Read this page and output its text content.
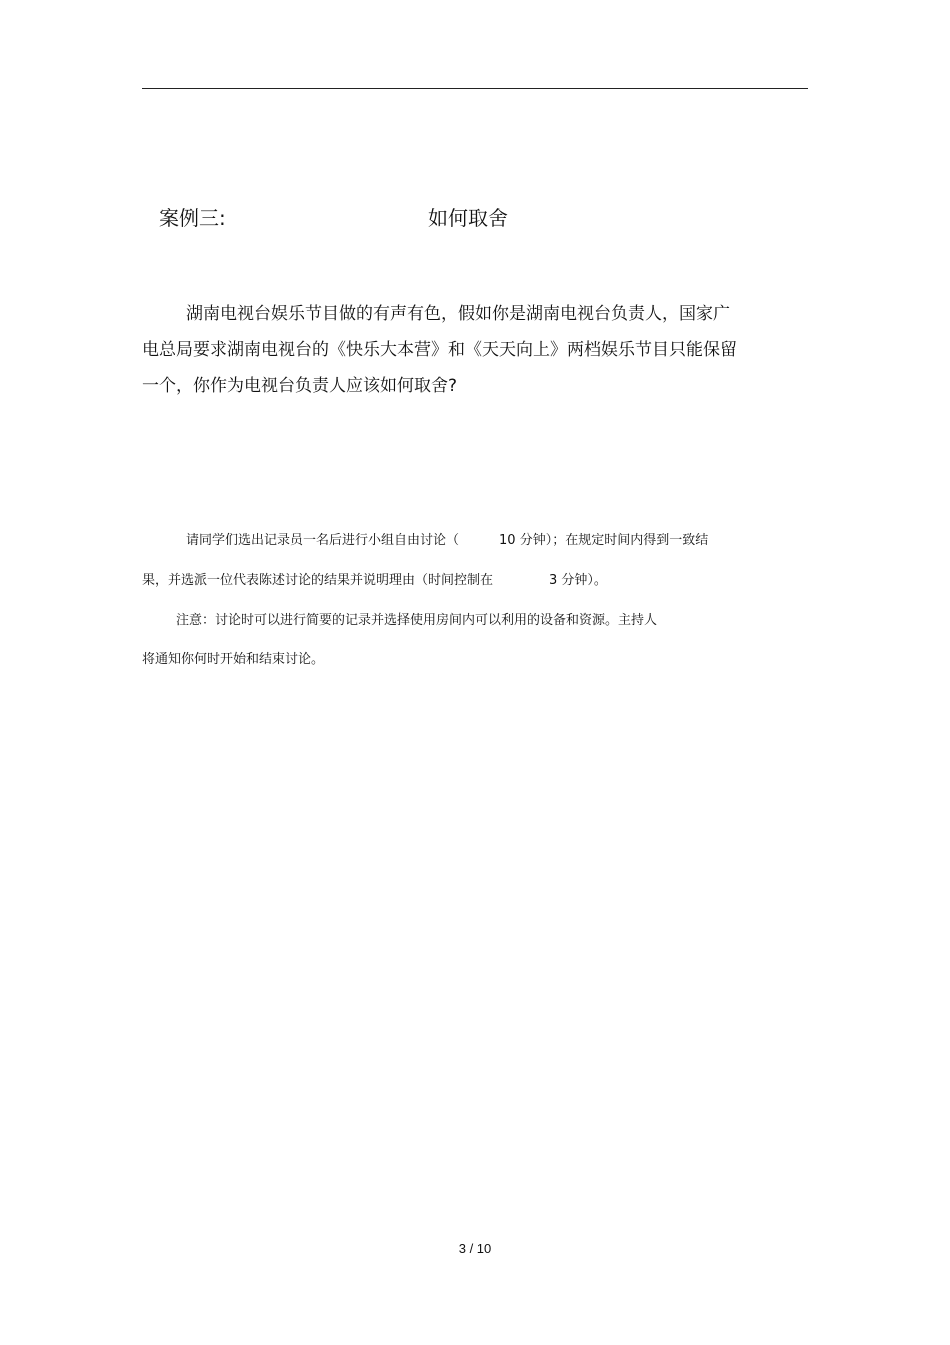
案例三:	如何取舍
湖南电视台娱乐节目做的有声有色，假如你是湖南电视台负责人，国家广
电总局要求湖南电视台的《快乐大本营》和《天天向上》两档娱乐节目只能保留
一个，你作为电视台负责人应该如何取舍?
请同学们选出记录员一名后进行小组自由讨论（	10 分钟）；在规定时间内得到一致结
果，并选派一位代表陈述讨论的结果并说明理由（时间控制在	3 分钟）。
注意：讨论时可以进行简要的记录并选择使用房间内可以利用的设备和资源。主持人
将通知你何时开始和结束讨论。
3 / 10
